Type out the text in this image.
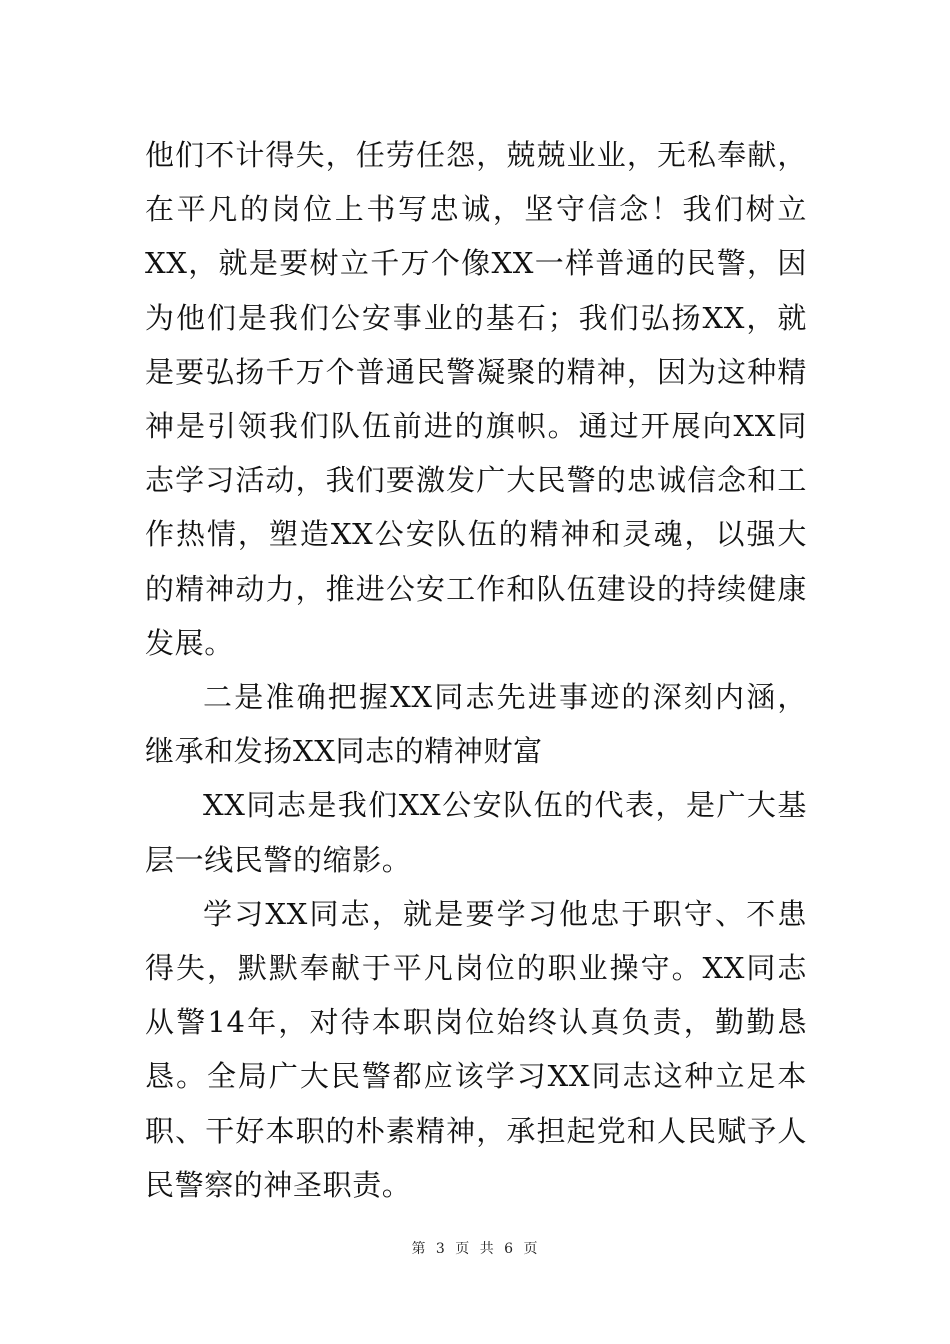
他们不计得失，任劳任怨，兢兢业业，无私奉献，在平凡的岗位上书写忠诚，坚守信念！我们树立XX，就是要树立千万个像XX一样普通的民警，因为他们是我们公安事业的基石；我们弘扬XX，就是要弘扬千万个普通民警凝聚的精神，因为这种精神是引领我们队伍前进的旗帜。通过开展向XX同志学习活动，我们要激发广大民警的忠诚信念和工作热情，塑造XX公安队伍的精神和灵魂，以强大的精神动力，推进公安工作和队伍建设的持续健康发展。

二是准确把握XX同志先进事迹的深刻内涵，继承和发扬XX同志的精神财富

XX同志是我们XX公安队伍的代表，是广大基层一线民警的缩影。

学习XX同志，就是要学习他忠于职守、不患得失，默默奉献于平凡岗位的职业操守。XX同志从警14年，对待本职岗位始终认真负责，勤勤恳恳。全局广大民警都应该学习XX同志这种立足本职、干好本职的朴素精神，承担起党和人民赋予人民警察的神圣职责。

第 3 页 共 6 页
